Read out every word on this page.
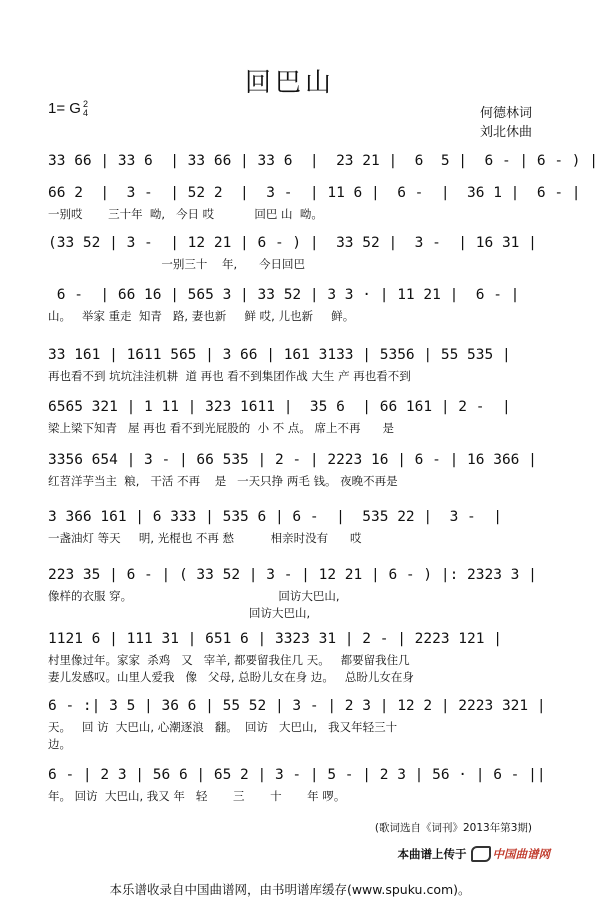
回巴山
1= G 2
4	何德林词
刘北休曲
33 66 | 33 6  | 33 66 | 33 6  |  23 21 |  6  5 |  6 - | 6 - ) |
66 2  |  3 -  | 52 2  |  3 -  | 11 6 |  6 -  |  36 1 |  6 - |
一别哎       三十年  呦,   今日 哎           回巴 山  呦。
(33 52 | 3 -  | 12 21 | 6 - ) |  33 52 |  3 -  | 16 31 |
一别三十    年,      今日回巴
6 -  | 66 16 | 565 3 | 33 52 | 3 3 · | 11 21 |  6 - |
山。   举家 重走  知青   路, 妻也新     鲜 哎, 儿也新     鲜。
33 161 | 1611 565 | 3 66 | 161 3133 | 5356 | 55 535 |
再也看不到 坑坑洼洼机耕  道 再也 看不到集团作战 大生 产 再也看不到
6565 321 | 1 11 | 323 1611 |  35 6  | 66 161 | 2 -  |
梁上梁下知青   屋 再也 看不到光屁股的  小 不 点。 席上不再      是
3356 654 | 3 - | 66 535 | 2 - | 2223 16 | 6 - | 16 366 |
红苕洋芋当主  粮,   干活 不再    是   一天只挣 两毛 钱。 夜晚不再是
3 366 161 | 6 333 | 535 6 | 6 -  |  535 22 |  3 -  |
一盏油灯 等天     明, 光棍也 不再 愁          相亲时没有      哎
223 35 | 6 - | ( 33 52 | 3 - | 12 21 | 6 - ) |: 2323 3 |
像样的衣服 穿。                                        回访大巴山,
回访大巴山,
1121 6 | 111 31 | 651 6 | 3323 31 | 2 - | 2223 121 |
村里像过年。家家  杀鸡   又   宰羊, 都要留我住几 天。   都要留我住几
妻儿发感叹。山里人爱我   像   父母, 总盼儿女在身 边。   总盼儿女在身
6 - :| 3 5 | 36 6 | 55 52 | 3 - | 2 3 | 12 2 | 2223 321 |
天。   回 访  大巴山, 心潮逐浪   翻。  回访   大巴山,   我又年轻三十
边。
6 - | 2 3 | 56 6 | 65 2 | 3 - | 5 - | 2 3 | 56 · | 6 - ||
年。 回访  大巴山, 我又 年   轻       三       十       年 啰。
(歌词选自《词刊》2013年第3期)
本曲谱上传于 中国曲谱网
本乐谱收录自中国曲谱网，由书明谱库缓存(www.spuku.com)。
